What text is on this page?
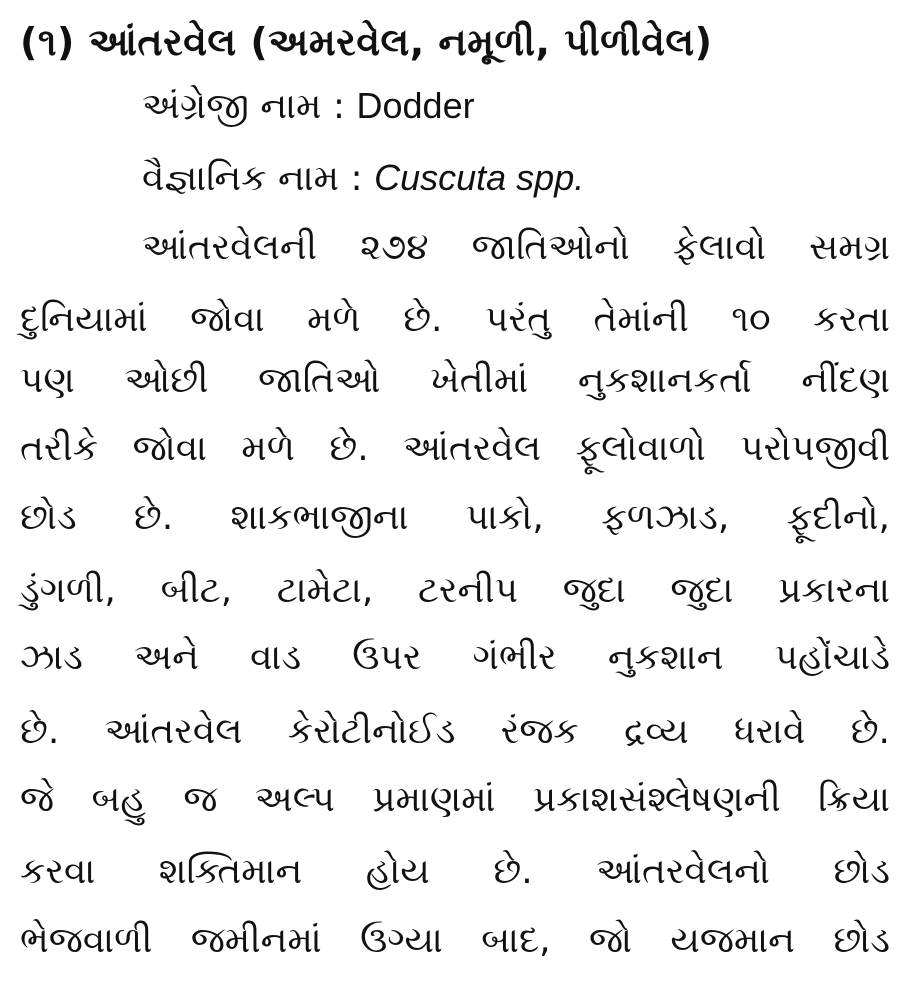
(૧) આંતરવેલ (અમરવેલ, નમૂળી, પીળીવેલ)
અંગ્રેજી નામ : Dodder
વૈજ્ઞાનિક નામ : Cuscuta spp.
આંતરવેલની ૨૭૪ જાતિઓનો ફેલાવો સમગ્ર
દુનિયામાં જોવા મળે છે. પરંતુ તેમાંની ૧૦ કરતા
પણ ઓછી જાતિઓ ખેતીમાં નુકશાનકર્તા નીંદણ
તરીકે જોવા મળે છે. આંતરવેલ ફૂલોવાળો પરોપજીવી
છોડ છે. શાકભાજીના પાકો, ફળઝાડ, ફૂદીનો,
ડુંગળી, બીટ, ટામેટા, ટરનીપ જુદા જુદા પ્રકારના
ઝાડ અને વાડ ઉપર ગંભીર નુકશાન પહોંચાડે
છે. આંતરવેલ કેરોટીનોઈડ રંજક દ્રવ્ય ધરાવે છે.
જે બહુ જ અલ્પ પ્રમાણમાં પ્રકાશસંશ્લેષણની ક્રિયા
કરવા શક્તિમાન હોય છે. આંતરવેલનો છોડ
ભેજવાળી જમીનમાં ઉગ્યા બાદ, જો યજમાન છોડ
